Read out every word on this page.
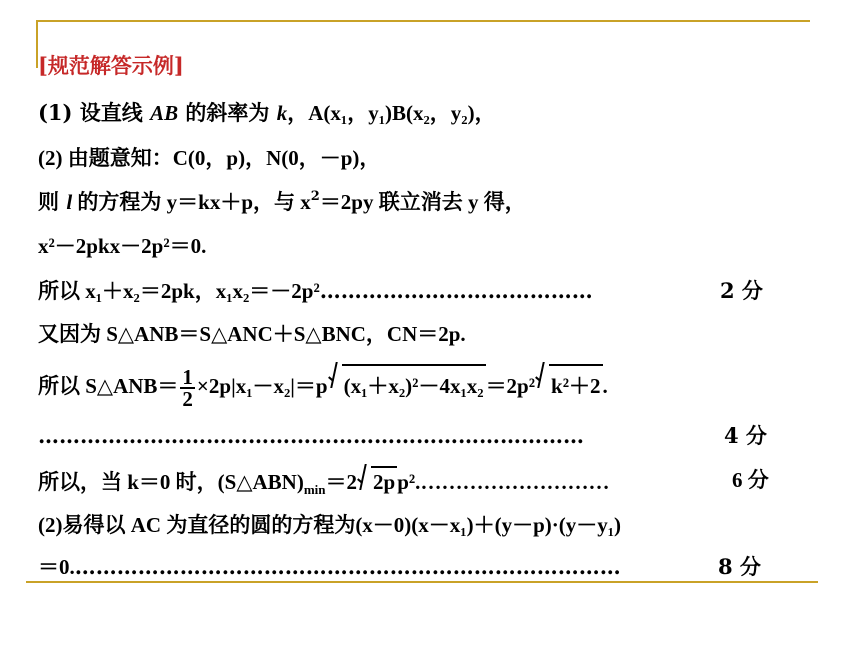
[规范解答示例]
(1) 设直线 AB 的斜率为 k，A(x₁，y₁)B(x₂，y₂)，
(2) 由题意知：C(0，p)，N(0，－p)，
则 l 的方程为 y＝kx＋p，与 $x^2=2py$ 联立消去 y 得，
x²－2pkx－2p²＝0.
所以 x₁＋x₂＝2pk，x₁x₂＝－2p²…………………………………	2 分
又因为 S△ANB＝S△ANC＋S△BNC，CN＝2p.
所以 S△ANB＝ $\frac{1}{2} \times 2p|x_1-x_2|=p$ (x₁＋x₂)²－4x₁x₂＝2p² k²＋2.
……………………………………………………………………	4 分
所以，当 k＝0 时，$(S\triangle ABN)_{min}=2$ 2pp².………………………	6 分
(2)易得以 AC 为直径的圆的方程为(x－0)(x－x₁)＋(y－p)·(y－y₁)
＝0.……………………………………………………………………	8 分
